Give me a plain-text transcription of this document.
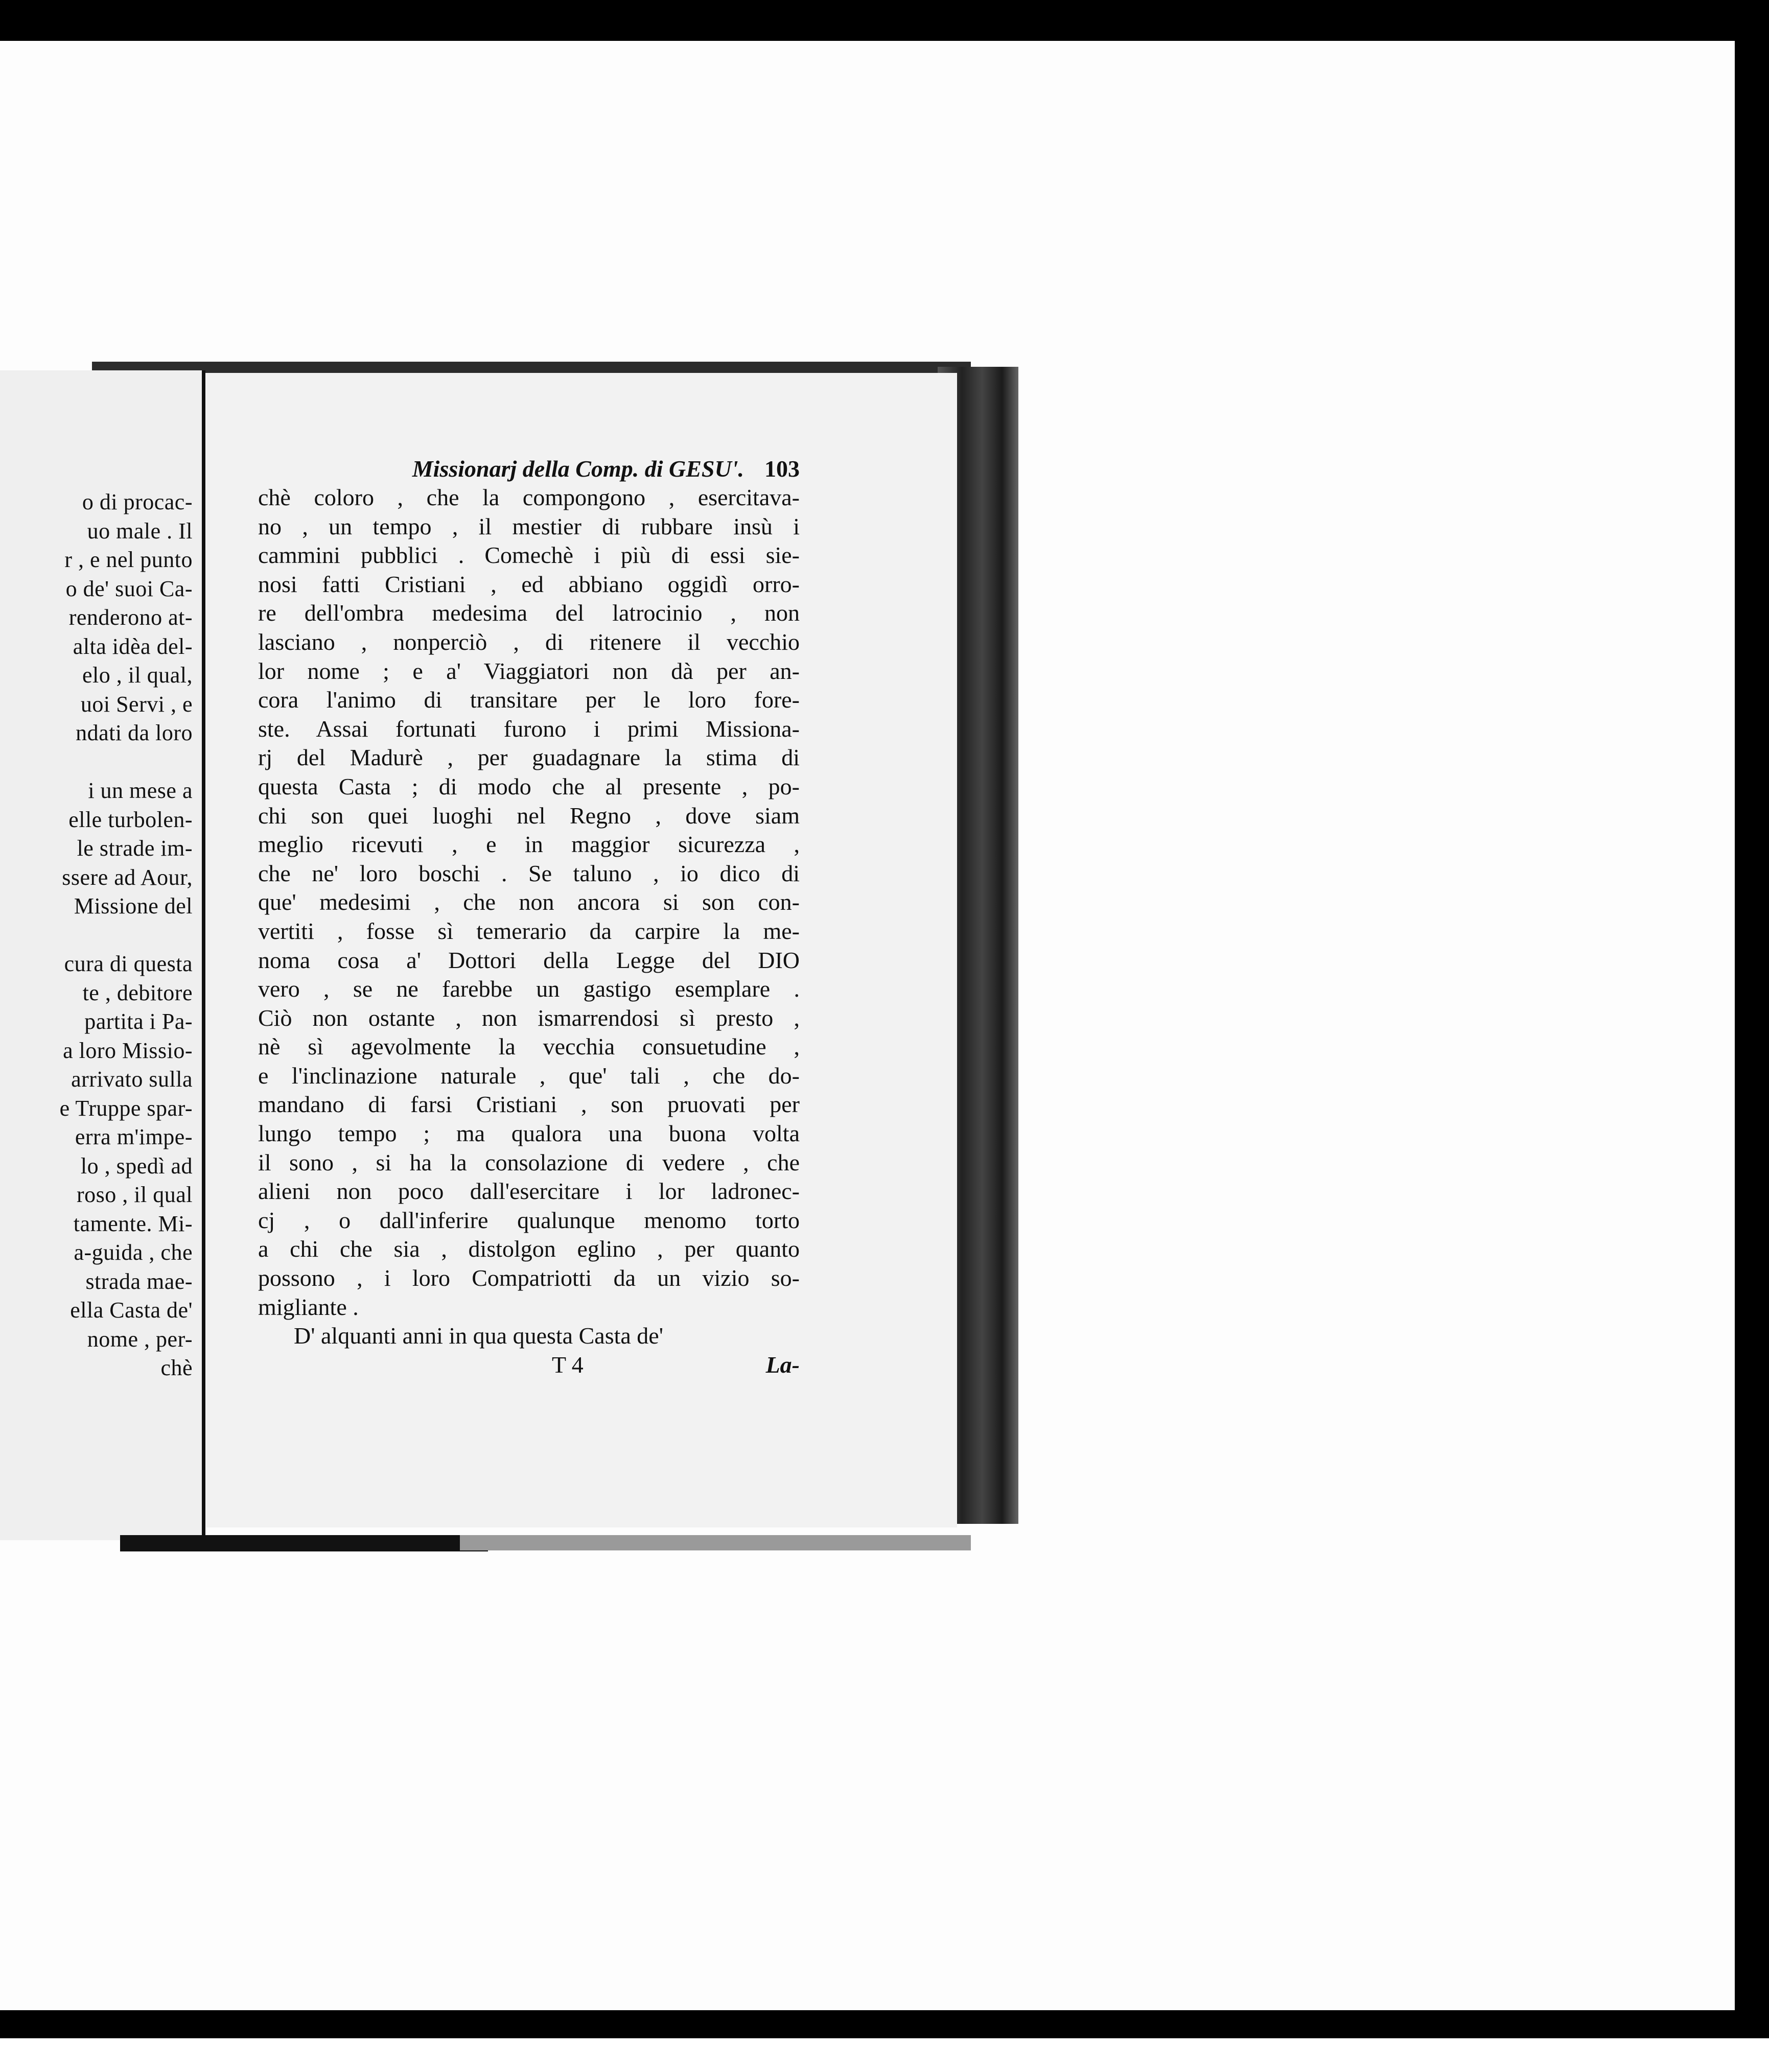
o di procac-
uo male . Il
r , e nel punto
o de' suoi Ca-
renderono at-
alta idèa del-
elo , il qual,
uoi Servi , e
ndati da loro
i un mese a
elle turbolen-
le strade im-
ssere ad Aour,
Missione del
cura di questa
te , debitore
partita i Pa-
a loro Missio-
arrivato sulla
e Truppe spar-
erra m'impe-
lo , spedì ad
roso , il qual
tamente. Mi-
a-guida , che
strada mae-
ella Casta de'
nome , per-
chè
Missionarj della Comp. di GESU'. 103
chè coloro , che la compongono , esercitava-
no , un tempo , il mestier di rubbare insù i
cammini pubblici . Comechè i più di essi sie-
nosi fatti Cristiani , ed abbiano oggidì orro-
re dell'ombra medesima del latrocinio , non
lasciano , nonperciò , di ritenere il vecchio
lor nome ; e a' Viaggiatori non dà per an-
cora l'animo di transitare per le loro fore-
ste. Assai fortunati furono i primi Missiona-
rj del Madurè , per guadagnare la stima di
questa Casta ; di modo che al presente , po-
chi son quei luoghi nel Regno , dove siam
meglio ricevuti , e in maggior sicurezza ,
che ne' loro boschi . Se taluno , io dico di
que' medesimi , che non ancora si son con-
vertiti , fosse sì temerario da carpire la me-
noma cosa a' Dottori della Legge del DIO
vero , se ne farebbe un gastigo esemplare .
Ciò non ostante , non ismarrendosi sì presto ,
nè sì agevolmente la vecchia consuetudine ,
e l'inclinazione naturale , que' tali , che do-
mandano di farsi Cristiani , son pruovati per
lungo tempo ; ma qualora una buona volta
il sono , si ha la consolazione di vedere , che
alieni non poco dall'esercitare i lor ladronec-
cj , o dall'inferire qualunque menomo torto
a chi che sia , distolgon eglino , per quanto
possono , i loro Compatriotti da un vizio so-
migliante .
D' alquanti anni in qua questa Casta de'
T 4	La-
